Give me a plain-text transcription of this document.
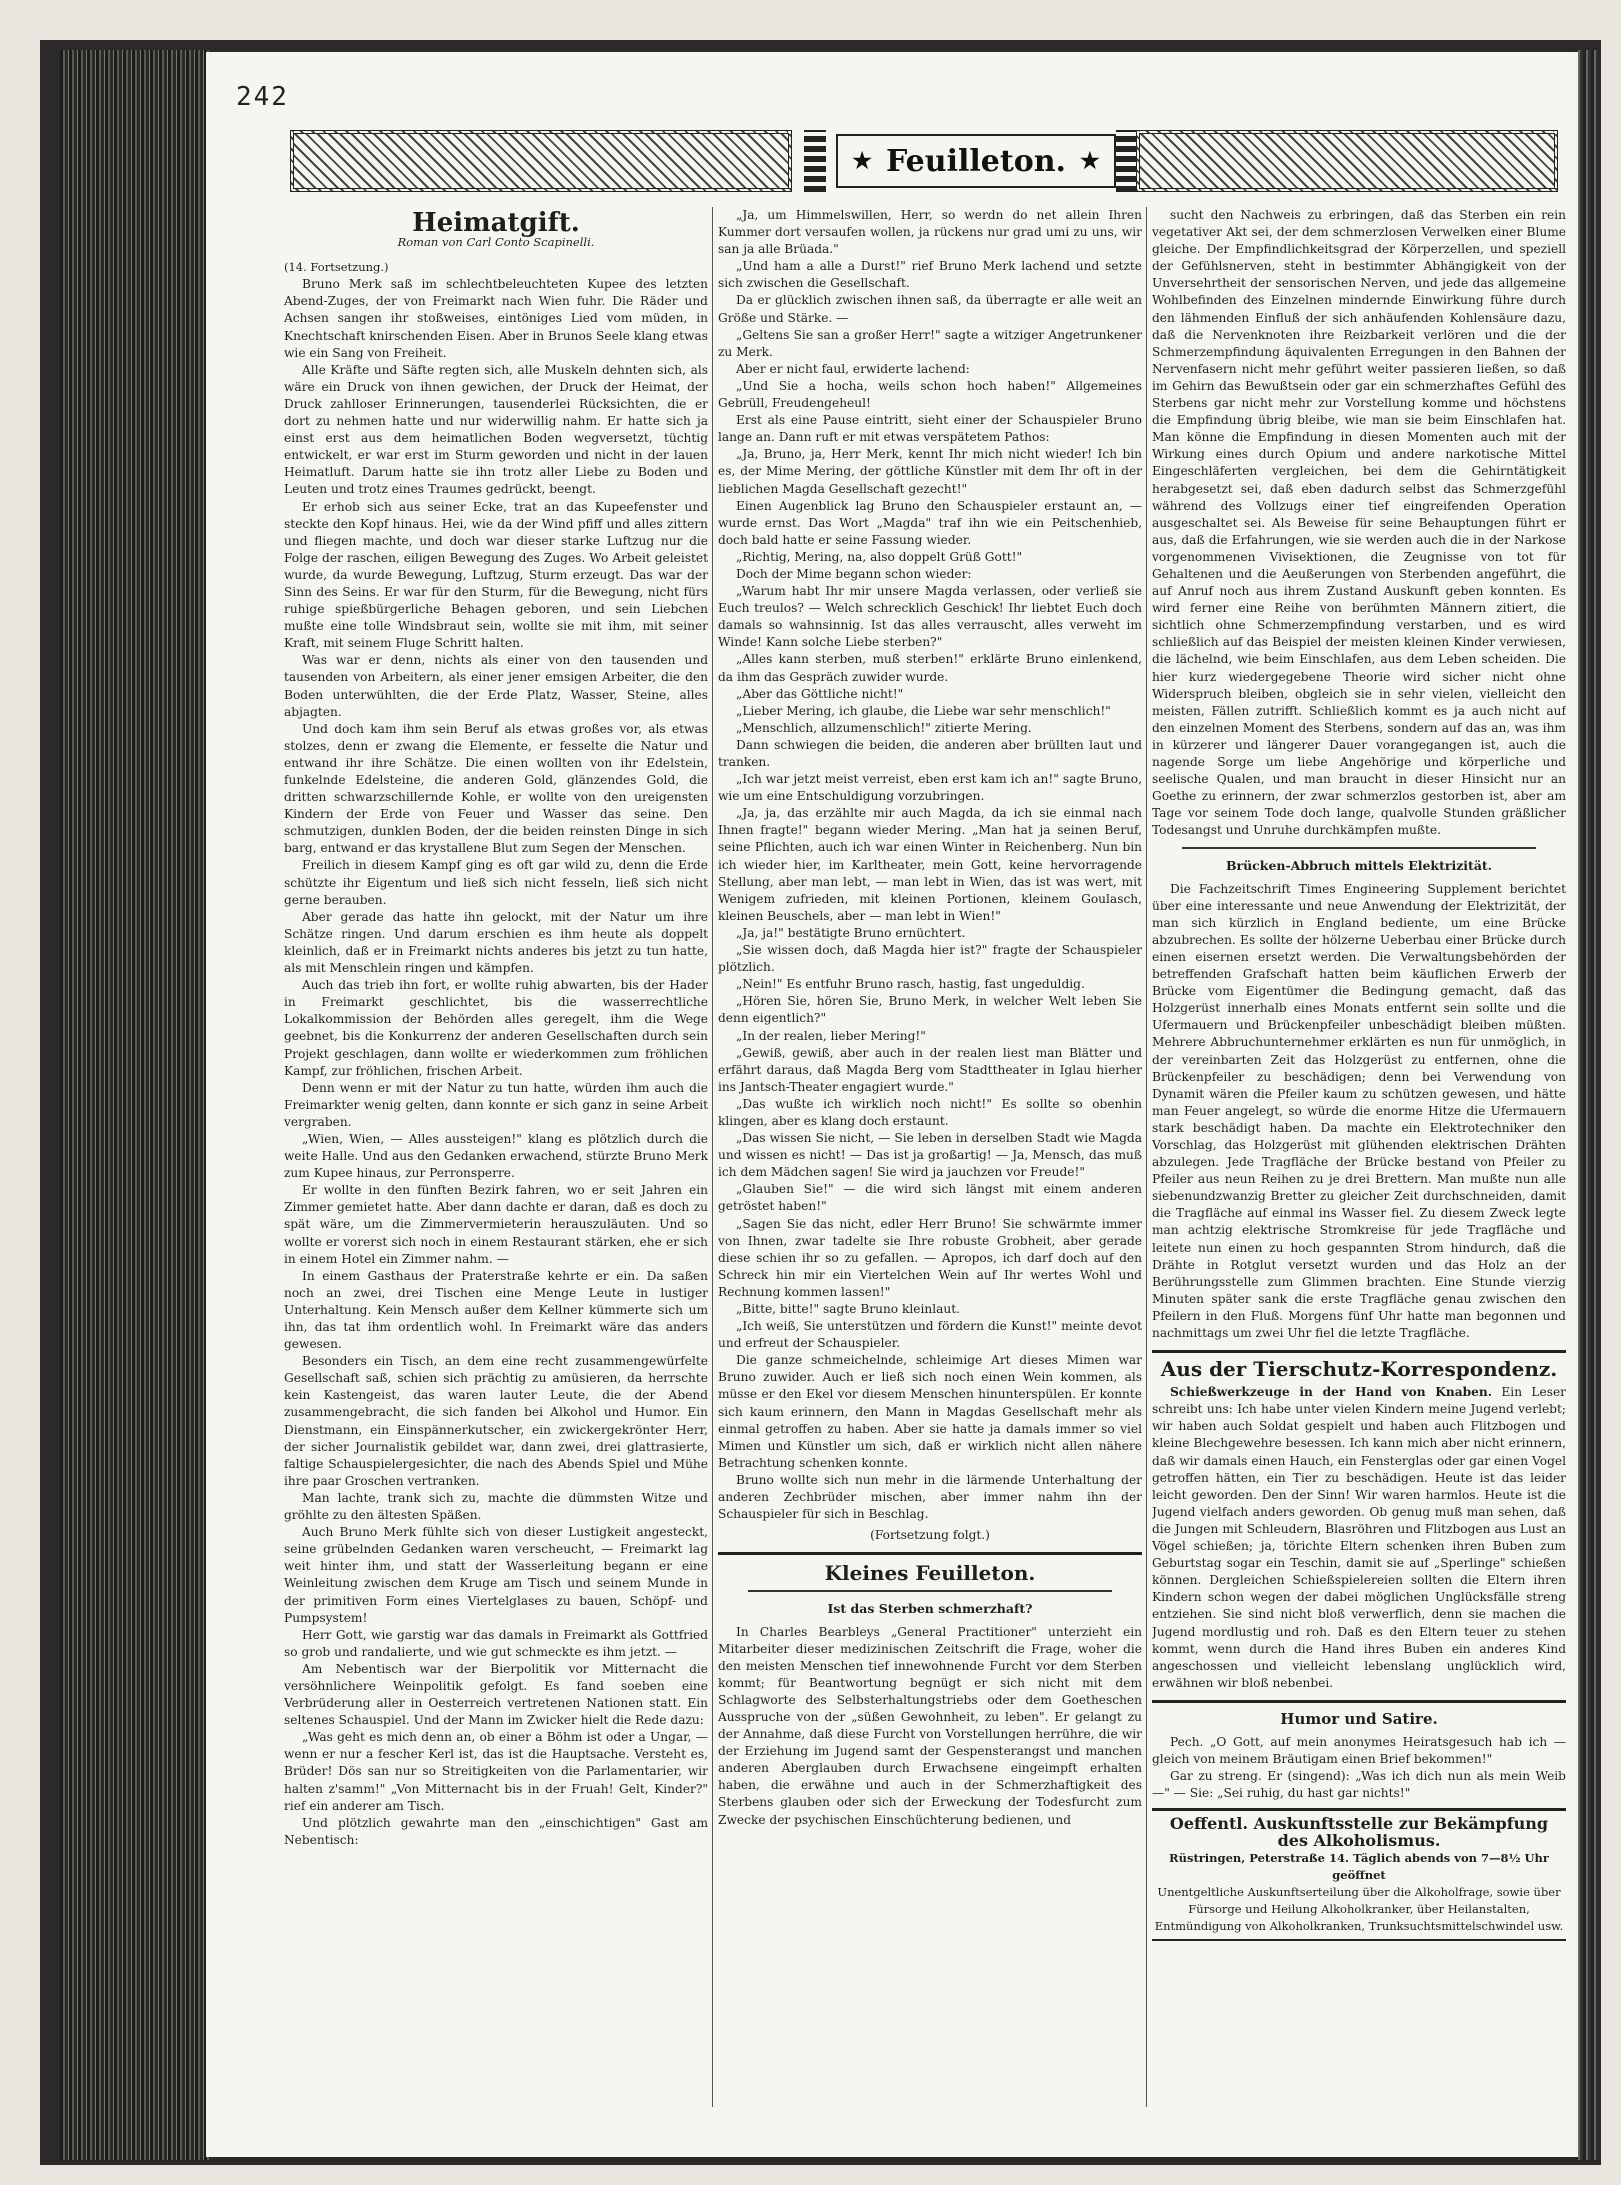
242
★ Feuilleton. ★
Heimatgift.
Roman von Carl Conto Scapinelli.

(14. Fortsetzung.)

Bruno Merk saß im schlechtbeleuchteten Kupee des letzten Abend-Zuges, der von Freimarkt nach Wien fuhr. Die Räder und Achsen sangen ihr stoßweises, eintöniges Lied vom müden, in Knechtschaft knirschenden Eisen. Aber in Brunos Seele klang etwas wie ein Sang von Freiheit.

Alle Kräfte und Säfte regten sich, alle Muskeln dehnten sich, als wäre ein Druck von ihnen gewichen, der Druck der Heimat, der Druck zahlloser Erinnerungen, tausenderlei Rücksichten, die er dort zu nehmen hatte und nur widerwillig nahm. Er hatte sich ja einst erst aus dem heimatlichen Boden wegversetzt, tüchtig entwickelt, er war erst im Sturm geworden und nicht in der lauen Heimatluft. Darum hatte sie ihn trotz aller Liebe zu Boden und Leuten und trotz eines Traumes gedrückt, beengt.

Er erhob sich aus seiner Ecke, trat an das Kupeefenster und steckte den Kopf hinaus. Hei, wie da der Wind pfiff und alles zittern und fliegen machte, und doch war dieser starke Luftzug nur die Folge der raschen, eiligen Bewegung des Zuges. Wo Arbeit geleistet wurde, da wurde Bewegung, Luftzug, Sturm erzeugt. Das war der Sinn des Seins. Er war für den Sturm, für die Bewegung, nicht fürs ruhige spießbürgerliche Behagen geboren, und sein Liebchen mußte eine tolle Windsbraut sein, wollte sie mit ihm, mit seiner Kraft, mit seinem Fluge Schritt halten.

Was war er denn, nichts als einer von den tausenden und tausenden von Arbeitern, als einer jener emsigen Arbeiter, die den Boden unterwühlten, die der Erde Platz, Wasser, Steine, alles abjagten.

Und doch kam ihm sein Beruf als etwas großes vor, als etwas stolzes, denn er zwang die Elemente, er fesselte die Natur und entwand ihr ihre Schätze. Die einen wollten von ihr Edelstein, funkelnde Edelsteine, die anderen Gold, glänzendes Gold, die dritten schwarzschillernde Kohle, er wollte von den ureigensten Kindern der Erde von Feuer und Wasser das seine. Den schmutzigen, dunklen Boden, der die beiden reinsten Dinge in sich barg, entwand er das krystallene Blut zum Segen der Menschen.

Freilich in diesem Kampf ging es oft gar wild zu, denn die Erde schützte ihr Eigentum und ließ sich nicht fesseln, ließ sich nicht gerne berauben.

Aber gerade das hatte ihn gelockt, mit der Natur um ihre Schätze ringen. Und darum erschien es ihm heute als doppelt kleinlich, daß er in Freimarkt nichts anderes bis jetzt zu tun hatte, als mit Menschlein ringen und kämpfen.

Auch das trieb ihn fort, er wollte ruhig abwarten, bis der Hader in Freimarkt geschlichtet, bis die wasserrechtliche Lokalkommission der Behörden alles geregelt, ihm die Wege geebnet, bis die Konkurrenz der anderen Gesellschaften durch sein Projekt geschlagen, dann wollte er wiederkommen zum fröhlichen Kampf, zur fröhlichen, frischen Arbeit.

Denn wenn er mit der Natur zu tun hatte, würden ihm auch die Freimarkter wenig gelten, dann konnte er sich ganz in seine Arbeit vergraben.

„Wien, Wien, — Alles aussteigen!" klang es plötzlich durch die weite Halle. Und aus den Gedanken erwachend, stürzte Bruno Merk zum Kupee hinaus, zur Perronsperre.

Er wollte in den fünften Bezirk fahren, wo er seit Jahren ein Zimmer gemietet hatte. Aber dann dachte er daran, daß es doch zu spät wäre, um die Zimmervermieterin herauszuläuten. Und so wollte er vorerst sich noch in einem Restaurant stärken, ehe er sich in einem Hotel ein Zimmer nahm. —

In einem Gasthaus der Praterstraße kehrte er ein. Da saßen noch an zwei, drei Tischen eine Menge Leute in lustiger Unterhaltung. Kein Mensch außer dem Kellner kümmerte sich um ihn, das tat ihm ordentlich wohl. In Freimarkt wäre das anders gewesen.

Besonders ein Tisch, an dem eine recht zusammengewürfelte Gesellschaft saß, schien sich prächtig zu amüsieren, da herrschte kein Kastengeist, das waren lauter Leute, die der Abend zusammengebracht, die sich fanden bei Alkohol und Humor. Ein Dienstmann, ein Einspännerkutscher, ein zwickergekrönter Herr, der sicher Journalistik gebildet war, dann zwei, drei glattrasierte, faltige Schauspielergesichter, die nach des Abends Spiel und Mühe ihre paar Groschen vertranken.

Man lachte, trank sich zu, machte die dümmsten Witze und gröhlte zu den ältesten Späßen.

Auch Bruno Merk fühlte sich von dieser Lustigkeit angesteckt, seine grübelnden Gedanken waren verscheucht, — Freimarkt lag weit hinter ihm, und statt der Wasserleitung begann er eine Weinleitung zwischen dem Kruge am Tisch und seinem Munde in der primitiven Form eines Viertelglases zu bauen, Schöpf- und Pumpsystem!

Herr Gott, wie garstig war das damals in Freimarkt als Gottfried so grob und randalierte, und wie gut schmeckte es ihm jetzt. —

Am Nebentisch war der Bierpolitik vor Mitternacht die versöhnlichere Weinpolitik gefolgt. Es fand soeben eine Verbrüderung aller in Oesterreich vertretenen Nationen statt. Ein seltenes Schauspiel. Und der Mann im Zwicker hielt die Rede dazu:

„Was geht es mich denn an, ob einer a Böhm ist oder a Ungar, — wenn er nur a fescher Kerl ist, das ist die Hauptsache. Versteht es, Brüder! Dös san nur so Streitigkeiten von die Parlamentarier, wir halten z'samm!" „Von Mitternacht bis in der Fruah! Gelt, Kinder?" rief ein anderer am Tisch.

Und plötzlich gewahrte man den „einschichtigen" Gast am Nebentisch:

„Ja, um Himmelswillen, Herr, so werdn do net allein Ihren Kummer dort versaufen wollen, ja rückens nur grad umi zu uns, wir san ja alle Brüada."

„Und ham a alle a Durst!" rief Bruno Merk lachend und setzte sich zwischen die Gesellschaft.

Da er glücklich zwischen ihnen saß, da überragte er alle weit an Größe und Stärke. —

„Geltens Sie san a großer Herr!" sagte a witziger Angetrunkener zu Merk.

Aber er nicht faul, erwiderte lachend:

„Und Sie a hocha, weils schon hoch haben!" Allgemeines Gebrüll, Freudengeheul!

Erst als eine Pause eintritt, sieht einer der Schauspieler Bruno lange an. Dann ruft er mit etwas verspätetem Pathos:

„Ja, Bruno, ja, Herr Merk, kennt Ihr mich nicht wieder! Ich bin es, der Mime Mering, der göttliche Künstler mit dem Ihr oft in der lieblichen Magda Gesellschaft gezecht!"

Einen Augenblick lag Bruno den Schauspieler erstaunt an, — wurde ernst. Das Wort „Magda" traf ihn wie ein Peitschenhieb, doch bald hatte er seine Fassung wieder.

„Richtig, Mering, na, also doppelt Grüß Gott!"

Doch der Mime begann schon wieder:

„Warum habt Ihr mir unsere Magda verlassen, oder verließ sie Euch treulos? — Welch schrecklich Geschick! Ihr liebtet Euch doch damals so wahnsinnig. Ist das alles verrauscht, alles verweht im Winde! Kann solche Liebe sterben?"

„Alles kann sterben, muß sterben!" erklärte Bruno einlenkend, da ihm das Gespräch zuwider wurde.

„Aber das Göttliche nicht!"

„Lieber Mering, ich glaube, die Liebe war sehr menschlich!"

„Menschlich, allzumenschlich!" zitierte Mering.

Dann schwiegen die beiden, die anderen aber brüllten laut und tranken.

„Ich war jetzt meist verreist, eben erst kam ich an!" sagte Bruno, wie um eine Entschuldigung vorzubringen.

„Ja, ja, das erzählte mir auch Magda, da ich sie einmal nach Ihnen fragte!" begann wieder Mering. „Man hat ja seinen Beruf, seine Pflichten, auch ich war einen Winter in Reichenberg. Nun bin ich wieder hier, im Karltheater, mein Gott, keine hervorragende Stellung, aber man lebt, — man lebt in Wien, das ist was wert, mit Wenigem zufrieden, mit kleinen Portionen, kleinem Goulasch, kleinen Beuschels, aber — man lebt in Wien!"

„Ja, ja!" bestätigte Bruno ernüchtert.

„Sie wissen doch, daß Magda hier ist?" fragte der Schauspieler plötzlich.

„Nein!" Es entfuhr Bruno rasch, hastig, fast ungeduldig.

„Hören Sie, hören Sie, Bruno Merk, in welcher Welt leben Sie denn eigentlich?"

„In der realen, lieber Mering!"

„Gewiß, gewiß, aber auch in der realen liest man Blätter und erfährt daraus, daß Magda Berg vom Stadttheater in Iglau hierher ins Jantsch-Theater engagiert wurde."

„Das wußte ich wirklich noch nicht!" Es sollte so obenhin klingen, aber es klang doch erstaunt.

„Das wissen Sie nicht, — Sie leben in derselben Stadt wie Magda und wissen es nicht! — Das ist ja großartig! — Ja, Mensch, das muß ich dem Mädchen sagen! Sie wird ja jauchzen vor Freude!"

„Glauben Sie!" — die wird sich längst mit einem anderen getröstet haben!"

„Sagen Sie das nicht, edler Herr Bruno! Sie schwärmte immer von Ihnen, zwar tadelte sie Ihre robuste Grobheit, aber gerade diese schien ihr so zu gefallen. — Apropos, ich darf doch auf den Schreck hin mir ein Viertelchen Wein auf Ihr wertes Wohl und Rechnung kommen lassen!"

„Bitte, bitte!" sagte Bruno kleinlaut.

„Ich weiß, Sie unterstützen und fördern die Kunst!" meinte devot und erfreut der Schauspieler.

Die ganze schmeichelnde, schleimige Art dieses Mimen war Bruno zuwider. Auch er ließ sich noch einen Wein kommen, als müsse er den Ekel vor diesem Menschen hinunterspülen. Er konnte sich kaum erinnern, den Mann in Magdas Gesellschaft mehr als einmal getroffen zu haben. Aber sie hatte ja damals immer so viel Mimen und Künstler um sich, daß er wirklich nicht allen nähere Betrachtung schenken konnte.

Bruno wollte sich nun mehr in die lärmende Unterhaltung der anderen Zechbrüder mischen, aber immer nahm ihn der Schauspieler für sich in Beschlag.

(Fortsetzung folgt.)

Kleines Feuilleton.
Ist das Sterben schmerzhaft?

In Charles Bearbleys „General Practitioner" unterzieht ein Mitarbeiter dieser medizinischen Zeitschrift die Frage, woher die den meisten Menschen tief innewohnende Furcht vor dem Sterben kommt; für Beantwortung begnügt er sich nicht mit dem Schlagworte des Selbsterhaltungstriebs oder dem Goetheschen Ausspruche von der „süßen Gewohnheit, zu leben". Er gelangt zu der Annahme, daß diese Furcht von Vorstellungen herrühre, die wir der Erziehung im Jugend samt der Gespensterangst und manchen anderen Aberglauben durch Erwachsene eingeimpft erhalten haben, die erwähne und auch in der Schmerzhaftigkeit des Sterbens glauben oder sich der Erweckung der Todesfurcht zum Zwecke der psychischen Einschüchterung bedienen, und

sucht den Nachweis zu erbringen, daß das Sterben ein rein vegetativer Akt sei, der dem schmerzlosen Verwelken einer Blume gleiche. Der Empfindlichkeitsgrad der Körperzellen, und speziell der Gefühlsnerven, steht in bestimmter Abhängigkeit von der Unversehrtheit der sensorischen Nerven, und jede das allgemeine Wohlbefinden des Einzelnen mindernde Einwirkung führe durch den lähmenden Einfluß der sich anhäufenden Kohlensäure dazu, daß die Nervenknoten ihre Reizbarkeit verlören und die der Schmerzempfindung äquivalenten Erregungen in den Bahnen der Nervenfasern nicht mehr geführt weiter passieren ließen, so daß im Gehirn das Bewußtsein oder gar ein schmerzhaftes Gefühl des Sterbens gar nicht mehr zur Vorstellung komme und höchstens die Empfindung übrig bleibe, wie man sie beim Einschlafen hat. Man könne die Empfindung in diesen Momenten auch mit der Wirkung eines durch Opium und andere narkotische Mittel Eingeschläferten vergleichen, bei dem die Gehirntätigkeit herabgesetzt sei, daß eben dadurch selbst das Schmerzgefühl während des Vollzugs einer tief eingreifenden Operation ausgeschaltet sei. Als Beweise für seine Behauptungen führt er aus, daß die Erfahrungen, wie sie werden auch die in der Narkose vorgenommenen Vivisektionen, die Zeugnisse von tot für Gehaltenen und die Aeußerungen von Sterbenden angeführt, die auf Anruf noch aus ihrem Zustand Auskunft geben konnten. Es wird ferner eine Reihe von berühmten Männern zitiert, die sichtlich ohne Schmerzempfindung verstarben, und es wird schließlich auf das Beispiel der meisten kleinen Kinder verwiesen, die lächelnd, wie beim Einschlafen, aus dem Leben scheiden. Die hier kurz wiedergegebene Theorie wird sicher nicht ohne Widerspruch bleiben, obgleich sie in sehr vielen, vielleicht den meisten, Fällen zutrifft. Schließlich kommt es ja auch nicht auf den einzelnen Moment des Sterbens, sondern auf das an, was ihm in kürzerer und längerer Dauer vorangegangen ist, auch die nagende Sorge um liebe Angehörige und körperliche und seelische Qualen, und man braucht in dieser Hinsicht nur an Goethe zu erinnern, der zwar schmerzlos gestorben ist, aber am Tage vor seinem Tode doch lange, qualvolle Stunden gräßlicher Todesangst und Unruhe durchkämpfen mußte.

Brücken-Abbruch mittels Elektrizität.

Die Fachzeitschrift Times Engineering Supplement berichtet über eine interessante und neue Anwendung der Elektrizität, der man sich kürzlich in England bediente, um eine Brücke abzubrechen. Es sollte der hölzerne Ueberbau einer Brücke durch einen eisernen ersetzt werden. Die Verwaltungsbehörden der betreffenden Grafschaft hatten beim käuflichen Erwerb der Brücke vom Eigentümer die Bedingung gemacht, daß das Holzgerüst innerhalb eines Monats entfernt sein sollte und die Ufermauern und Brückenpfeiler unbeschädigt bleiben müßten. Mehrere Abbruchunternehmer erklärten es nun für unmöglich, in der vereinbarten Zeit das Holzgerüst zu entfernen, ohne die Brückenpfeiler zu beschädigen; denn bei Verwendung von Dynamit wären die Pfeiler kaum zu schützen gewesen, und hätte man Feuer angelegt, so würde die enorme Hitze die Ufermauern stark beschädigt haben. Da machte ein Elektrotechniker den Vorschlag, das Holzgerüst mit glühenden elektrischen Drähten abzulegen. Jede Tragfläche der Brücke bestand von Pfeiler zu Pfeiler aus neun Reihen zu je drei Brettern. Man mußte nun alle siebenundzwanzig Bretter zu gleicher Zeit durchschneiden, damit die Tragfläche auf einmal ins Wasser fiel. Zu diesem Zweck legte man achtzig elektrische Stromkreise für jede Tragfläche und leitete nun einen zu hoch gespannten Strom hindurch, daß die Drähte in Rotglut versetzt wurden und das Holz an der Berührungsstelle zum Glimmen brachten. Eine Stunde vierzig Minuten später sank die erste Tragfläche genau zwischen den Pfeilern in den Fluß. Morgens fünf Uhr hatte man begonnen und nachmittags um zwei Uhr fiel die letzte Tragfläche.

Aus der Tierschutz-Korrespondenz.

Schießwerkzeuge in der Hand von Knaben. Ein Leser schreibt uns: Ich habe unter vielen Kindern meine Jugend verlebt; wir haben auch Soldat gespielt und haben auch Flitzbogen und kleine Blechgewehre besessen. Ich kann mich aber nicht erinnern, daß wir damals einen Hauch, ein Fensterglas oder gar einen Vogel getroffen hätten, ein Tier zu beschädigen. Heute ist das leider leicht geworden. Den der Sinn! Wir waren harmlos. Heute ist die Jugend vielfach anders geworden. Ob genug muß man sehen, daß die Jungen mit Schleudern, Blasröhren und Flitzbogen aus Lust an Vögel schießen; ja, törichte Eltern schenken ihren Buben zum Geburtstag sogar ein Teschin, damit sie auf „Sperlinge" schießen können. Dergleichen Schießspielereien sollten die Eltern ihren Kindern schon wegen der dabei möglichen Unglücksfälle streng entziehen. Sie sind nicht bloß verwerflich, denn sie machen die Jugend mordlustig und roh. Daß es den Eltern teuer zu stehen kommt, wenn durch die Hand ihres Buben ein anderes Kind angeschossen und vielleicht lebenslang unglücklich wird, erwähnen wir bloß nebenbei.

Humor und Satire.

Pech. „O Gott, auf mein anonymes Heiratsgesuch hab ich — gleich von meinem Bräutigam einen Brief bekommen!"

Gar zu streng. Er (singend): „Was ich dich nun als mein Weib —" — Sie: „Sei ruhig, du hast gar nichts!"

Oeffentl. Auskunftsstelle zur Bekämpfung des Alkoholismus.
Rüstringen, Peterstraße 14. Täglich abends von 7—8½ Uhr geöffnet

Unentgeltliche Auskunftserteilung über die Alkoholfrage, sowie über Fürsorge und Heilung Alkoholkranker, über Heilanstalten, Entmündigung von Alkoholkranken, Trunksuchtsmittelschwindel usw.
